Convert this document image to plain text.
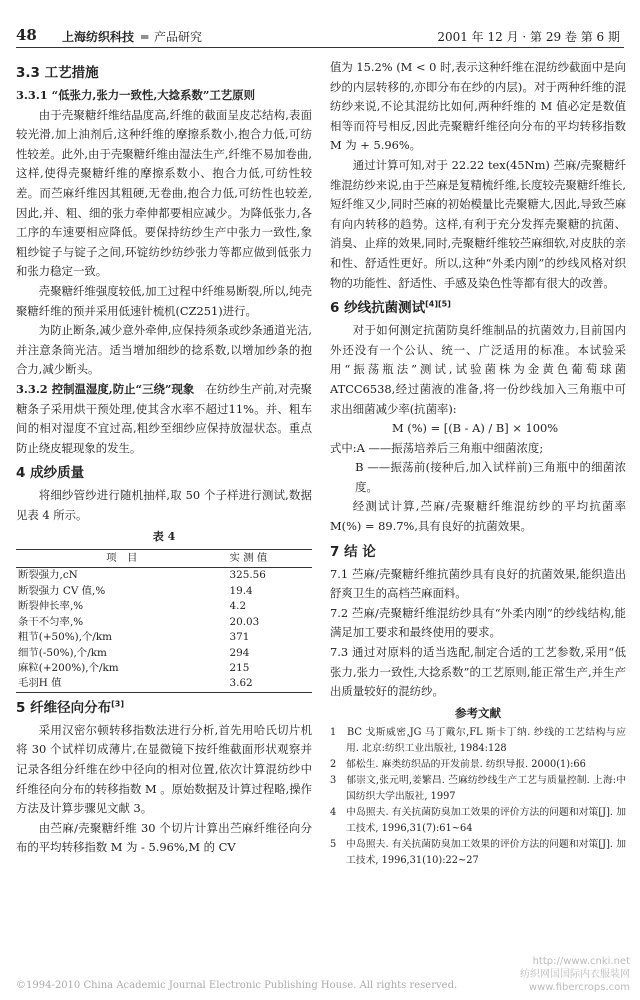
48 上海纺织科技 ═ 产品研究	2001 年 12 月 · 第 29 卷 第 6 期
3.3 工艺措施

3.3.1 “低张力,张力一致性,大捻系数”工艺原则

由于壳聚糖纤维结晶度高,纤维的截面呈皮芯结构,表面较光滑,加上油剂后,这种纤维的摩擦系数小,抱合力低,可纺性较差。此外,由于壳聚糖纤维由湿法生产,纤维不易加卷曲,这样,使得壳聚糖纤维的摩擦系数小、抱合力低,可纺性较差。而苎麻纤维因其粗硬,无卷曲,抱合力低,可纺性也较差,因此,并、粗、细的张力牵伸都要相应减少。为降低张力,各工序的车速要相应降低。要保持纺纱生产中张力一致性,象粗纱锭子与锭子之间,环锭纺纱纺纱张力等都应做到低张力和张力稳定一致。

壳聚糖纤维强度较低,加工过程中纤维易断裂,所以,纯壳聚糖纤维的预并采用低速针梳机(CZ251)进行。

为防止断条,减少意外牵伸,应保持须条或纱条通道光洁,并注意条筒光洁。适当增加细纱的捻系数,以增加纱条的抱合力,减少断头。

3.3.2 控制温湿度,防止“三绕”现象　 在纺纱生产前,对壳聚糖条子采用烘干预处理,使其含水率不超过11%。并、粗车间的相对湿度不宜过高,粗纱至细纱应保持放湿状态。重点防止绕皮辊现象的发生。

4 成纱质量

将细纱管纱进行随机抽样,取 50 个子样进行测试,数据见表 4 所示。

表 4
项　目	实 测 值
断裂强力,cN	325.56
断裂强力 CV 值,%	19.4
断裂伸长率,%	4.2
条干不匀率,%	20.03
粗节(+50%),个/km	371
细节(-50%),个/km	294
麻粒(+200%),个/km	215
毛羽H 值	3.62
5 纤维径向分布[3]

采用汉密尔顿转移指数法进行分析,首先用哈氏切片机将 30 个试样切成薄片,在显微镜下按纤维截面形状观察并记录各组分纤维在纱中径向的相对位置,依次计算混纺纱中纤维径向分布的转移指数 M 。原始数据及计算过程略,操作方法及计算步骤见文献 3。

由苎麻/壳聚糖纤维 30 个切片计算出苎麻纤维径向分布的平均转移指数 M 为 - 5.96%,M 的 CV

值为 15.2% (M < 0 时,表示这种纤维在混纺纱截面中是向纱的内层转移的,亦即分布在纱的内层)。对于两种纤维的混纺纱来说,不论其混纺比如何,两种纤维的 M 值必定是数值相等而符号相反,因此壳聚糖纤维径向分布的平均转移指数 M 为 + 5.96%。

通过计算可知,对于 22.22 tex(45Nm) 苎麻/壳聚糖纤维混纺纱来说,由于苎麻是复精梳纤维,长度较壳聚糖纤维长,短纤维又少,同时苎麻的初始模量比壳聚糖大,因此,导致苎麻有向内转移的趋势。这样,有利于充分发挥壳聚糖的抗菌、消臭、止痒的效果,同时,壳聚糖纤维较苎麻细软,对皮肤的亲和性、舒适性更好。所以,这种“外柔内刚”的纱线风格对织物的功能性、舒适性、手感及染色性等都有很大的改善。

6 纱线抗菌测试[4][5]

对于如何测定抗菌防臭纤维制品的抗菌效力,目前国内外还没有一个公认、统一、广泛适用的标准。本试验采用“振荡瓶法”测试,试验菌株为金黄色葡萄球菌 ATCC6538,经过菌液的准备,将一份纱线加入三角瓶中可求出细菌减少率(抗菌率):

M (%) = [(B - A) / B] × 100%

式中:A ——振荡培养后三角瓶中细菌浓度;

B ——振荡前(接种后,加入试样前)三角瓶中的细菌浓度。

经测试计算,苎麻/壳聚糖纤维混纺纱的平均抗菌率 M(%) = 89.7%,具有良好的抗菌效果。

7 结 论

7.1 苎麻/壳聚糖纤维抗菌纱具有良好的抗菌效果,能织造出舒爽卫生的高档苎麻面料。

7.2 苎麻/壳聚糖纤维混纺纱具有“外柔内刚”的纱线结构,能满足加工要求和最终使用的要求。

7.3 通过对原料的适当选配,制定合适的工艺参数,采用“低张力,张力一致性,大捻系数”的工艺原则,能正常生产,并生产出质量较好的混纺纱。

参考文献

1　BC 戈斯威密,JG 马丁戴尔,FL 斯卡丁纳. 纱线的工艺结构与应用. 北京:纺织工业出版社, 1984:128

2　郁松生. 麻类纺织品的开发前景. 纺织导报. 2000(1):66

3　郁崇文,张元明,姜繁昌. 苎麻纺纱线生产工艺与质量控制. 上海:中国纺织大学出版社, 1997

4　中岛照夫. 有关抗菌防臭加工效果的评价方法的问题和对策[J]. 加工技术, 1996,31(7):61~64

5　中岛照夫. 有关抗菌防臭加工效果的评价方法的问题和对策[J]. 加工技术, 1996,31(10):22~27

©1994-2010 China Academic Journal Electronic Publishing House. All rights reserved.
http://www.cnki.net
纺织网国国际内衣服装网
www.fibercrops.com
